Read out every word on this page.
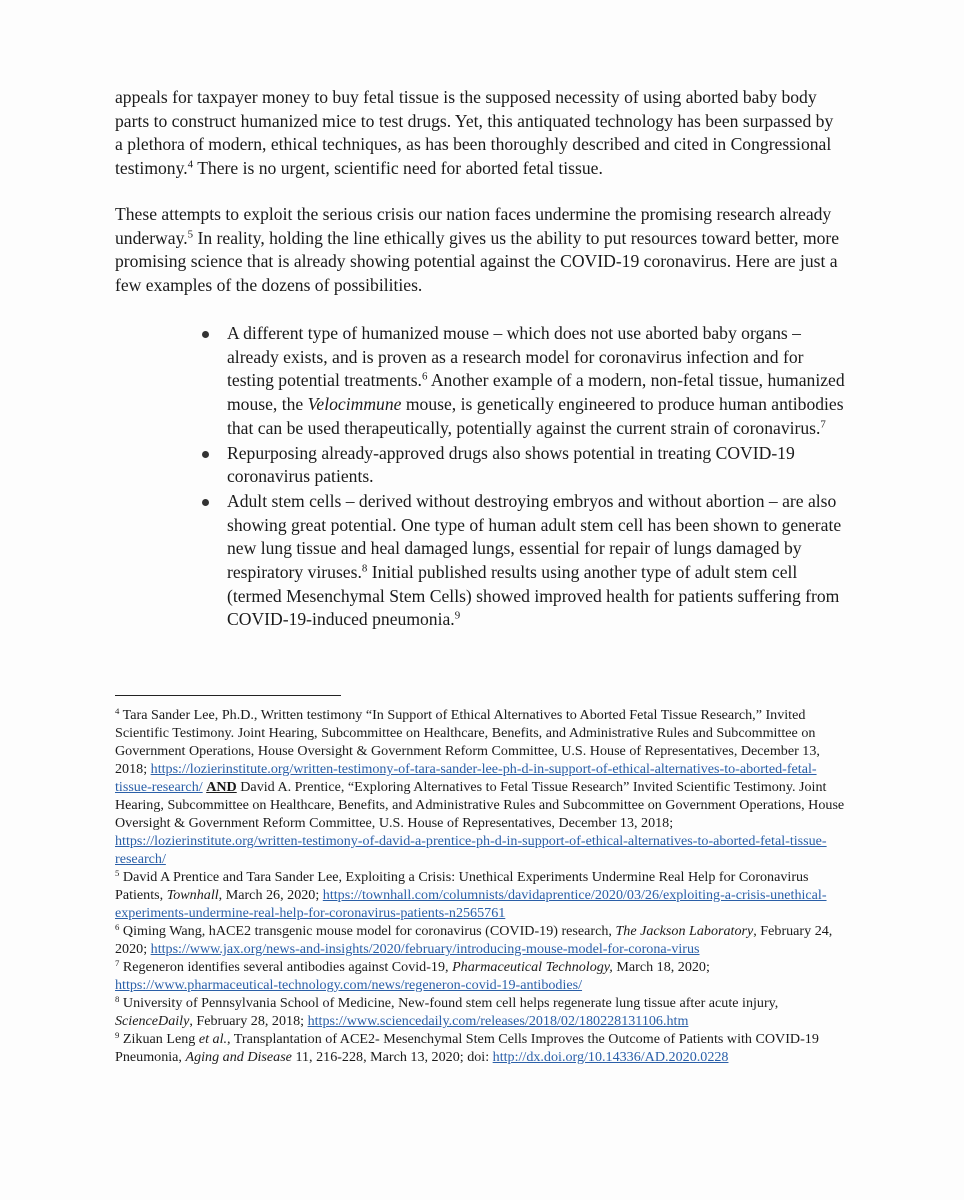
appeals for taxpayer money to buy fetal tissue is the supposed necessity of using aborted baby body parts to construct humanized mice to test drugs. Yet, this antiquated technology has been surpassed by a plethora of modern, ethical techniques, as has been thoroughly described and cited in Congressional testimony.$^4$ There is no urgent, scientific need for aborted fetal tissue.

These attempts to exploit the serious crisis our nation faces undermine the promising research already underway.$^5$ In reality, holding the line ethically gives us the ability to put resources toward better, more promising science that is already showing potential against the COVID-19 coronavirus. Here are just a few examples of the dozens of possibilities.

A different type of humanized mouse – which does not use aborted baby organs – already exists, and is proven as a research model for coronavirus infection and for testing potential treatments.$^6$ Another example of a modern, non-fetal tissue, humanized mouse, the Velocimmune mouse, is genetically engineered to produce human antibodies that can be used therapeutically, potentially against the current strain of coronavirus.$^7$
Repurposing already-approved drugs also shows potential in treating COVID-19 coronavirus patients.
Adult stem cells – derived without destroying embryos and without abortion – are also showing great potential. One type of human adult stem cell has been shown to generate new lung tissue and heal damaged lungs, essential for repair of lungs damaged by respiratory viruses.$^8$ Initial published results using another type of adult stem cell (termed Mesenchymal Stem Cells) showed improved health for patients suffering from COVID-19-induced pneumonia.$^9$

$^4$ Tara Sander Lee, Ph.D., Written testimony “In Support of Ethical Alternatives to Aborted Fetal Tissue Research,” Invited Scientific Testimony. Joint Hearing, Subcommittee on Healthcare, Benefits, and Administrative Rules and Subcommittee on Government Operations, House Oversight & Government Reform Committee, U.S. House of Representatives, December 13, 2018; https://lozierinstitute.org/written-testimony-of-tara-sander-lee-ph-d-in-support-of-ethical-alternatives-to-aborted-fetal-tissue-research/ AND David A. Prentice, “Exploring Alternatives to Fetal Tissue Research” Invited Scientific Testimony. Joint Hearing, Subcommittee on Healthcare, Benefits, and Administrative Rules and Subcommittee on Government Operations, House Oversight & Government Reform Committee, U.S. House of Representatives, December 13, 2018; https://lozierinstitute.org/written-testimony-of-david-a-prentice-ph-d-in-support-of-ethical-alternatives-to-aborted-fetal-tissue-research/

$^5$ David A Prentice and Tara Sander Lee, Exploiting a Crisis: Unethical Experiments Undermine Real Help for Coronavirus Patients, Townhall, March 26, 2020; https://townhall.com/columnists/davidaprentice/2020/03/26/exploiting-a-crisis-unethical-experiments-undermine-real-help-for-coronavirus-patients-n2565761

$^6$ Qiming Wang, hACE2 transgenic mouse model for coronavirus (COVID-19) research, The Jackson Laboratory, February 24, 2020; https://www.jax.org/news-and-insights/2020/february/introducing-mouse-model-for-corona-virus

$^7$ Regeneron identifies several antibodies against Covid-19, Pharmaceutical Technology, March 18, 2020; https://www.pharmaceutical-technology.com/news/regeneron-covid-19-antibodies/

$^8$ University of Pennsylvania School of Medicine, New-found stem cell helps regenerate lung tissue after acute injury, ScienceDaily, February 28, 2018; https://www.sciencedaily.com/releases/2018/02/180228131106.htm

$^9$ Zikuan Leng et al., Transplantation of ACE2- Mesenchymal Stem Cells Improves the Outcome of Patients with COVID-19 Pneumonia, Aging and Disease 11, 216-228, March 13, 2020; doi: http://dx.doi.org/10.14336/AD.2020.0228
